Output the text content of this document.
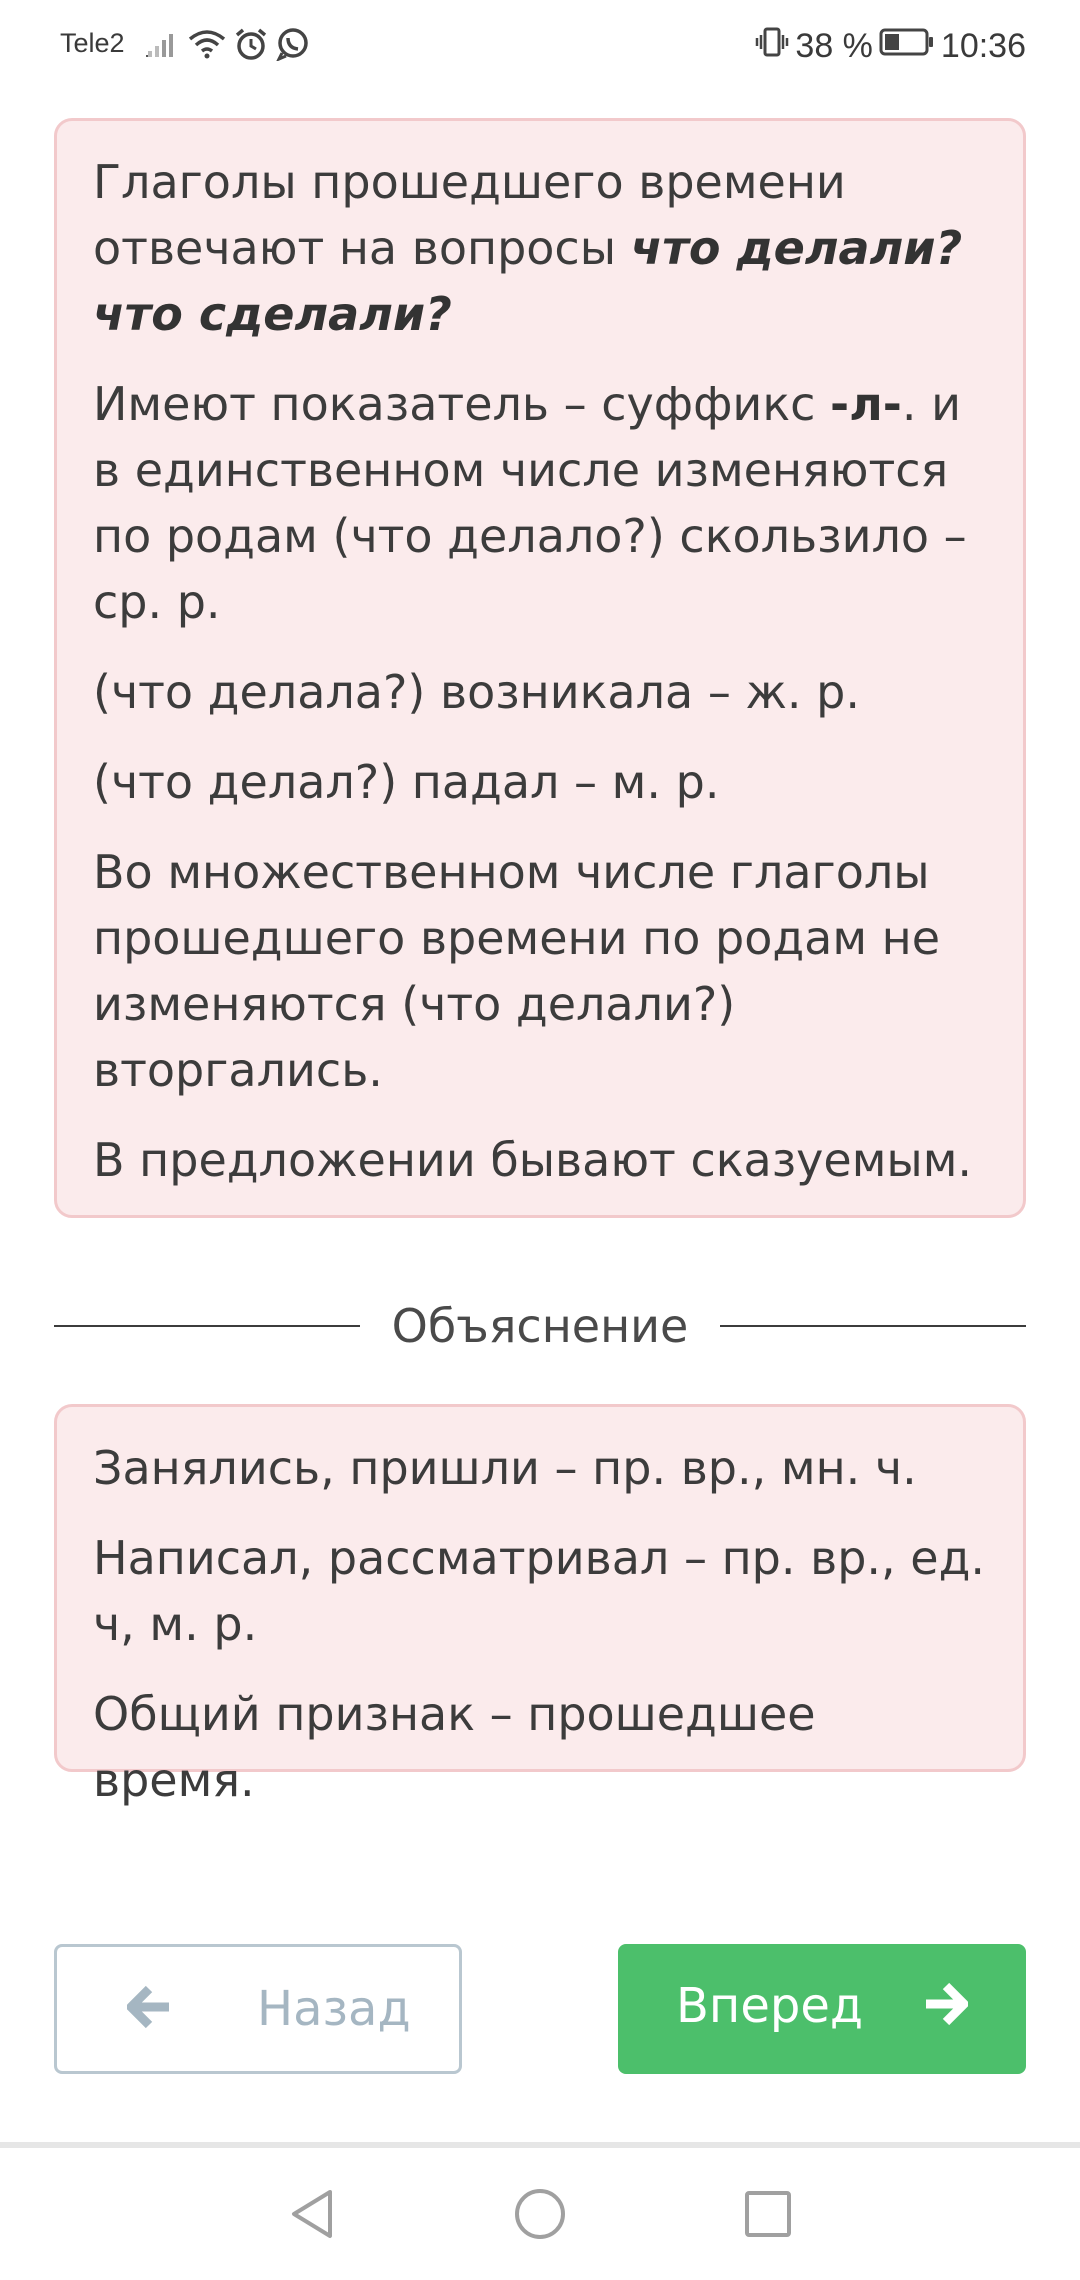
Tele2	38 % 10:36

Глаголы прошедшего времени отвечают на вопросы что делали? что сделали?

Имеют показатель – суффикс -л-. и в единственном числе изменяются по родам (что делало?) скользило – ср. р.

(что делала?) возникала – ж. р.

(что делал?) падал – м. р.

Во множественном числе глаголы прошедшего времени по родам не изменяются (что делали?) вторгались.

В предложении бывают сказуемым.

Объяснение

Занялись, пришли – пр. вр., мн. ч.

Написал, рассматривал – пр. вр., ед. ч, м. р.

Общий признак – прошедшее время.

Назад	Вперед
